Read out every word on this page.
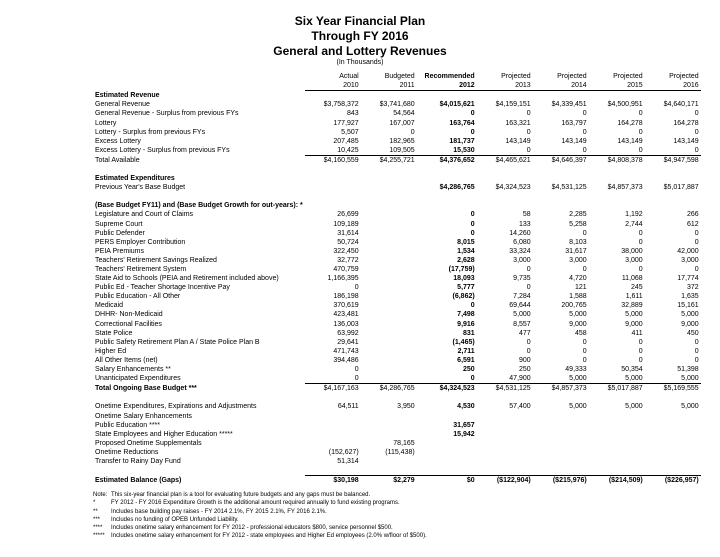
Six Year Financial Plan
Through FY 2016
General and Lottery Revenues
(In Thousands)
	Actual	Budgeted	Recommended	Projected	Projected	Projected	Projected
	2010	2011	2012	2013	2014	2015	2016
Estimated Revenue							
General Revenue	$3,758,372	$3,741,680	$4,015,621	$4,159,151	$4,339,451	$4,500,951	$4,640,171
General Revenue - Surplus from previous FYs	843	54,564	0	0	0	0	0
Lottery	177,927	167,007	163,764	163,321	163,797	164,278	164,278
Lottery - Surplus from previous FYs	5,507	0	0	0	0	0	0
Excess Lottery	207,485	182,965	181,737	143,149	143,149	143,149	143,149
Excess Lottery - Surplus from previous FYs	10,425	109,505	15,530	0	0	0	0
Total Available	$4,160,559	$4,255,721	$4,376,652	$4,465,621	$4,646,397	$4,808,378	$4,947,598

Estimated Expenditures							
Previous Year's Base Budget			$4,286,765	$4,324,523	$4,531,125	$4,857,373	$5,017,887

(Base Budget FY11) and (Base Budget Growth for out-years): *							
Legislature and Court of Claims	26,699		0	58	2,285	1,192	266
Supreme Court	109,189		0	133	5,258	2,744	612
Public Defender	31,614		0	14,260	0	0	0
PERS Employer Contribution	50,724		8,015	6,080	8,103	0	0
PEIA Premiums	322,450		1,534	33,324	31,617	38,000	42,000
Teachers' Retirement Savings Realized	32,772		2,628	3,000	3,000	3,000	3,000
Teachers' Retirement System	470,759		(17,759)	0	0	0	0
State Aid to Schools (PEIA and Retirement included above)	1,166,395		18,093	9,735	4,720	11,068	17,774
Public Ed - Teacher Shortage Incentive Pay	0		5,777	0	121	245	372
Public Education - All Other	186,198		(6,862)	7,284	1,588	1,611	1,635
Medicaid	370,619		0	69,644	200,765	32,889	15,161
DHHR- Non-Medicaid	423,481		7,498	5,000	5,000	5,000	5,000
Correctional Facilities	136,003		9,916	8,557	9,000	9,000	9,000
State Police	63,992		831	477	458	411	450
Public Safety Retirement Plan A / State Police Plan B	29,641		(1,465)	0	0	0	0
Higher Ed	471,743		2,711	0	0	0	0
All Other Items (net)	394,486		6,591	900	0	0	0
Salary Enhancements **	0		250	250	49,333	50,354	51,398
Unanticipated Expenditures	0		0	47,900	5,000	5,000	5,000
Total Ongoing Base Budget ***	$4,167,163	$4,286,765	$4,324,523	$4,531,125	$4,857,373	$5,017,887	$5,169,555

Onetime Expenditures, Expirations and Adjustments	64,511	3,950	4,530	57,400	5,000	5,000	5,000
Onetime Salary Enhancements							
Public Education ****			31,657				
State Employees and Higher Education *****			15,942				
Proposed Onetime Supplementals		78,165					
Onetime Reductions	(152,627)	(115,438)					
Transfer to Rainy Day Fund	51,314						

Estimated Balance (Gaps)	$30,198	$2,279	$0	($122,904)	($215,976)	($214,509)	($226,957)
Note: This six-year financial plan is a tool for evaluating future budgets and any gaps must be balanced.
*	FY 2012 - FY 2016 Expenditure Growth is the additional amount required annually to fund existing programs.
**	Includes base building pay raises - FY 2014 2.1%, FY 2015 2.1%, FY 2016 2.1%.
***	Includes no funding of OPEB Unfunded Liability.
****	Includes onetime salary enhancement for FY 2012 - professional educators $800, service personnel $500.
*****	Includes onetime salary enhancement for FY 2012 - state employees and Higher Ed employees (2.0% w/floor of $500).
